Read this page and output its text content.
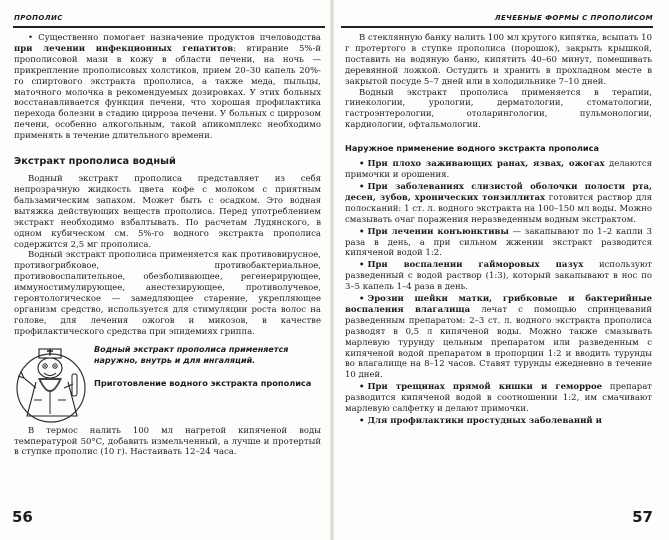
ПРОПОЛИС

• Существенно помогает назначение продуктов пчеловодства при лечении инфекционных гепатитов: втирание 5%-й прополисовой мази в кожу в области печени, на ночь — прикрепление прополисовых холстиков, прием 20–30 капель 20%-го спиртового экстракта прополиса, а также меда, пыльцы, маточного молочка в рекомендуемых дозировках. У этих больных восстанавливается функция печени, что хорошая профилактика перехода болезни в стадию цирроза печени. У больных с циррозом печени, особенно алкогольным, такой апикомплекс необходимо применять в течение длительного времени.

Экстракт прополиса водный

Водный экстракт прополиса представляет из себя непрозрачную жидкость цвета кофе с молоком с приятным бальзамическим запахом. Может быть с осадком. Это водная вытяжка действующих веществ прополиса. Перед употреблением экстракт необходимо взбалтывать. По расчетам Лудянского, в одном кубическом см. 5%-го водного экстракта прополиса содержится 2,5 мг прополиса.

Водный экстракт прополиса применяется как противовирусное, противогрибковое, противобактериальное, противовоспалительное, обезболивающее, регенерирующее, иммуностимулирующее, анестезирующее, противолучевое, геронтологическое — замедляющее старение, укрепляющее организм средство, используется для стимуляции роста волос на голове, для лечения ожогов и микозов, в качестве профилактического средства при эпидемиях гриппа.

Водный экстракт прополиса применяется наружно, внутрь и для ингаляций.
Приготовление водного экстракта прополиса

В термос налить 100 мл нагретой кипяченой воды температурой 50°С, добавить измельченный, а лучше и протертый в ступке прополис (10 г). Настаивать 12–24 часа.

56
ЛЕЧЕБНЫЕ ФОРМЫ С ПРОПОЛИСОМ

В стеклянную банку налить 100 мл крутого кипятка, всыпать 10 г протертого в ступке прополиса (порошок), закрыть крышкой, поставить на водяную баню, кипятить 40–60 минут, помешивать деревянной ложкой. Остудить и хранить в прохладном месте в закрытой посуде 5–7 дней или в холодильнике 7–10 дней.

Водный экстракт прополиса применяется в терапии, гинекологии, урологии, дерматологии, стоматологии, гастроэнтерологии, отоларингологии, пульмонологии, кардиологии, офтальмологии.

Наружное применение водного экстракта прополиса

• При плохо заживающих ранах, язвах, ожогах делаются примочки и орошения.

• При заболеваниях слизистой оболочки полости рта, десен, зубов, хронических тонзиллитах готовится раствор для полосканий: 1 ст. л. водного экстракта на 100–150 мл воды. Можно смазывать очаг поражения неразведенным водным экстрактом.

• При лечении конъюнктивы — закапывают по 1–2 капли 3 раза в день, а при сильном жжении экстракт разводится кипяченой водой 1:2.

• При воспалении гайморовых пазух используют разведенный с водой раствор (1:3), который закапывают в нос по 3–5 капель 1–4 раза в день.

• Эрозии шейки матки, грибковые и бактерийные воспаления влагалища лечат с помощью спринцеваний разведенным препаратом: 2–3 ст. л. водного экстракта прополиса разводят в 0,5 л кипяченой воды. Можно также смазывать марлевую турунду цельным препаратом или разведенным с кипяченой водой препаратом в пропорции 1:2 и вводить турунды во влагалище на 8–12 часов. Ставят турунды ежедневно в течение 10 дней.

• При трещинах прямой кишки и геморрое препарат разводится кипяченой водой в соотношении 1:2, им смачивают марлевую салфетку и делают примочки.

• Для профилактики простудных заболеваний и

57
